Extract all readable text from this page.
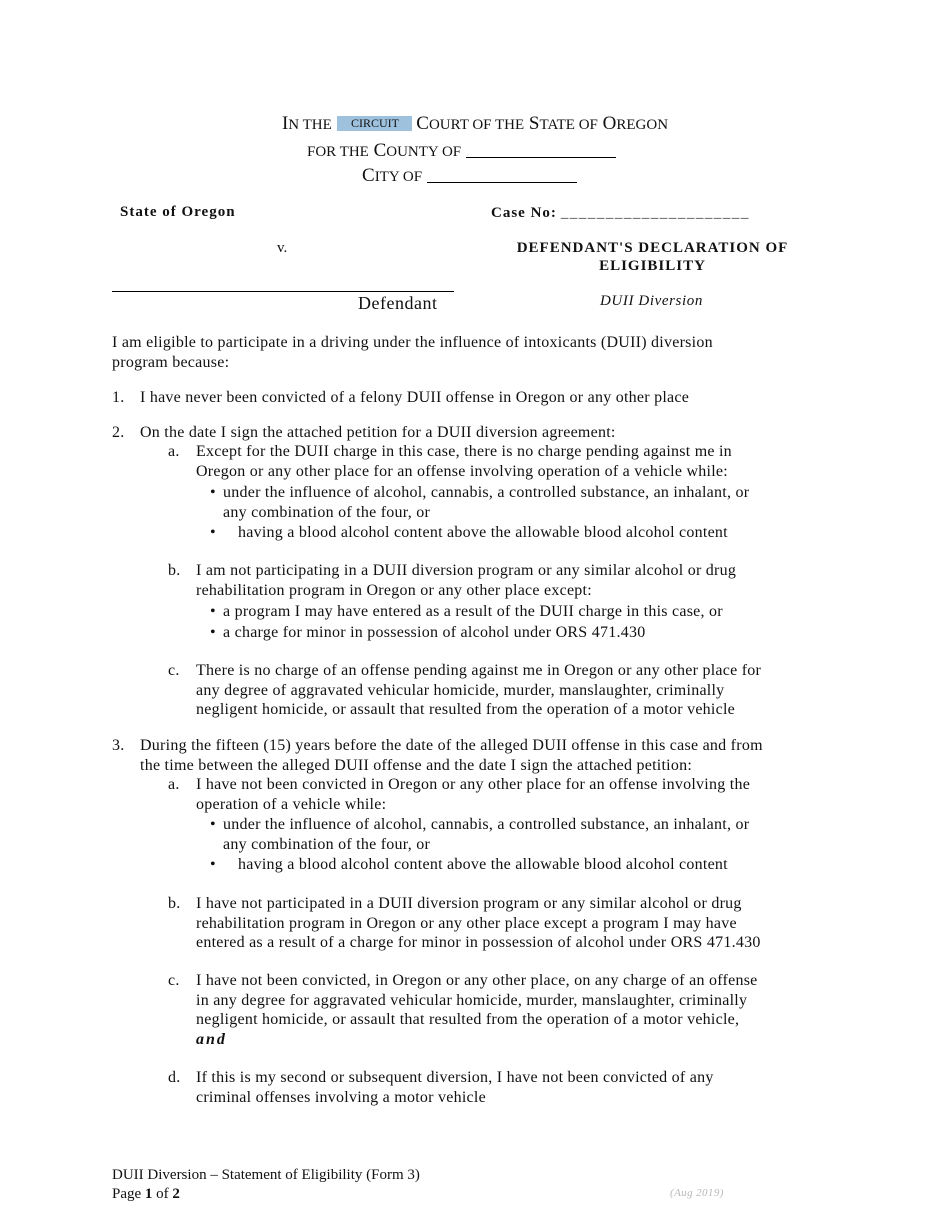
IN THE CIRCUIT COURT OF THE STATE OF OREGON
FOR THE COUNTY OF
CITY OF
State of Oregon	Case No: _____________________
v.	DEFENDANT'S DECLARATION OF
ELIGIBILITY
Defendant	DUII Diversion
I am eligible to participate in a driving under the influence of intoxicants (DUII) diversion
program because:
1. I have never been convicted of a felony DUII offense in Oregon or any other place
2. On the date I sign the attached petition for a DUII diversion agreement:
a. Except for the DUII charge in this case, there is no charge pending against me in
Oregon or any other place for an offense involving operation of a vehicle while:
• under the influence of alcohol, cannabis, a controlled substance, an inhalant, or
any combination of the four, or
• having a blood alcohol content above the allowable blood alcohol content
b. I am not participating in a DUII diversion program or any similar alcohol or drug
rehabilitation program in Oregon or any other place except:
• a program I may have entered as a result of the DUII charge in this case, or
• a charge for minor in possession of alcohol under ORS 471.430
c. There is no charge of an offense pending against me in Oregon or any other place for
any degree of aggravated vehicular homicide, murder, manslaughter, criminally
negligent homicide, or assault that resulted from the operation of a motor vehicle
3. During the fifteen (15) years before the date of the alleged DUII offense in this case and from
the time between the alleged DUII offense and the date I sign the attached petition:
a. I have not been convicted in Oregon or any other place for an offense involving the
operation of a vehicle while:
• under the influence of alcohol, cannabis, a controlled substance, an inhalant, or
any combination of the four, or
• having a blood alcohol content above the allowable blood alcohol content
b. I have not participated in a DUII diversion program or any similar alcohol or drug
rehabilitation program in Oregon or any other place except a program I may have
entered as a result of a charge for minor in possession of alcohol under ORS 471.430
c. I have not been convicted, in Oregon or any other place, on any charge of an offense
in any degree for aggravated vehicular homicide, murder, manslaughter, criminally
negligent homicide, or assault that resulted from the operation of a motor vehicle,
and
d. If this is my second or subsequent diversion, I have not been convicted of any
criminal offenses involving a motor vehicle
DUII Diversion – Statement of Eligibility (Form 3)
Page 1 of 2	(Aug 2019)
